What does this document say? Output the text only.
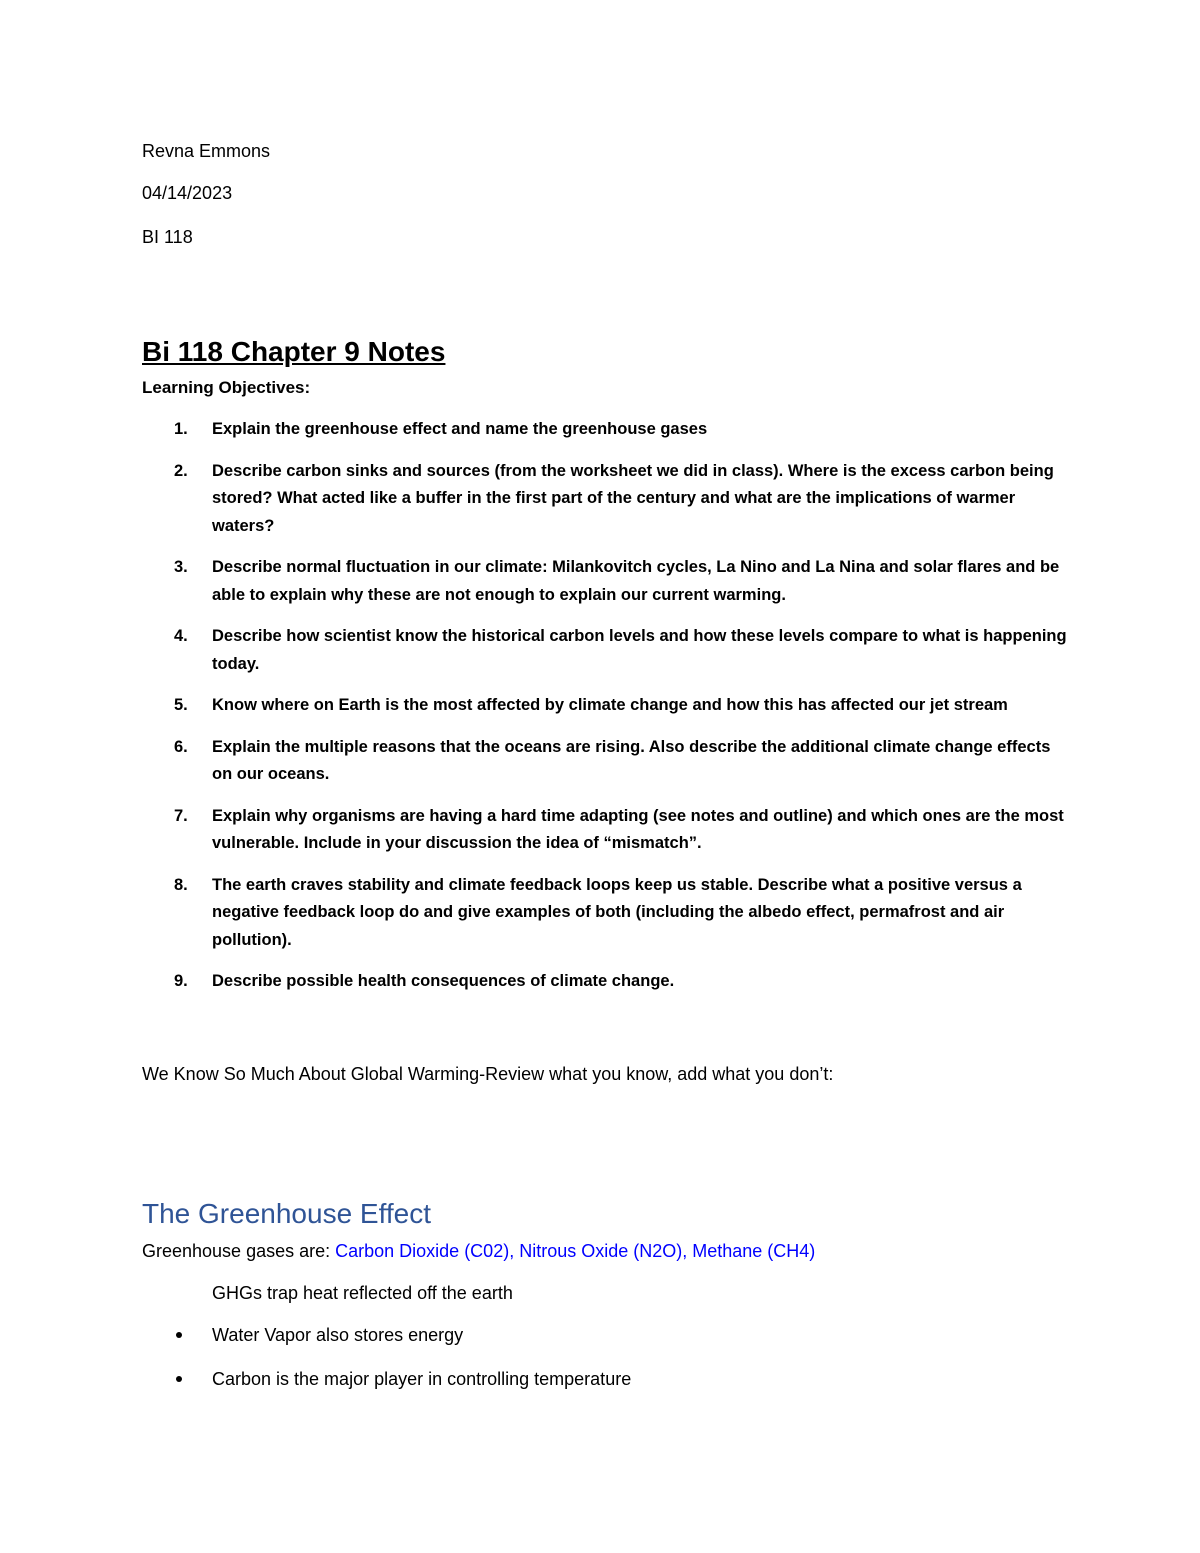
Revna Emmons

04/14/2023

BI 118

Bi 118 Chapter 9 Notes

Learning Objectives:

1. Explain the greenhouse effect and name the greenhouse gases
2. Describe carbon sinks and sources (from the worksheet we did in class). Where is the excess carbon being stored? What acted like a buffer in the first part of the century and what are the implications of warmer waters?
3. Describe normal fluctuation in our climate: Milankovitch cycles, La Nino and La Nina and solar flares and be able to explain why these are not enough to explain our current warming.
4. Describe how scientist know the historical carbon levels and how these levels compare to what is happening today.
5. Know where on Earth is the most affected by climate change and how this has affected our jet stream
6. Explain the multiple reasons that the oceans are rising. Also describe the additional climate change effects on our oceans.
7. Explain why organisms are having a hard time adapting (see notes and outline) and which ones are the most vulnerable. Include in your discussion the idea of “mismatch”.
8. The earth craves stability and climate feedback loops keep us stable. Describe what a positive versus a negative feedback loop do and give examples of both (including the albedo effect, permafrost and air pollution).
9. Describe possible health consequences of climate change.

We Know So Much About Global Warming-Review what you know, add what you don’t:

The Greenhouse Effect

Greenhouse gases are: Carbon Dioxide (C02), Nitrous Oxide (N2O), Methane (CH4)

GHGs trap heat reflected off the earth

Water Vapor also stores energy
Carbon is the major player in controlling temperature
